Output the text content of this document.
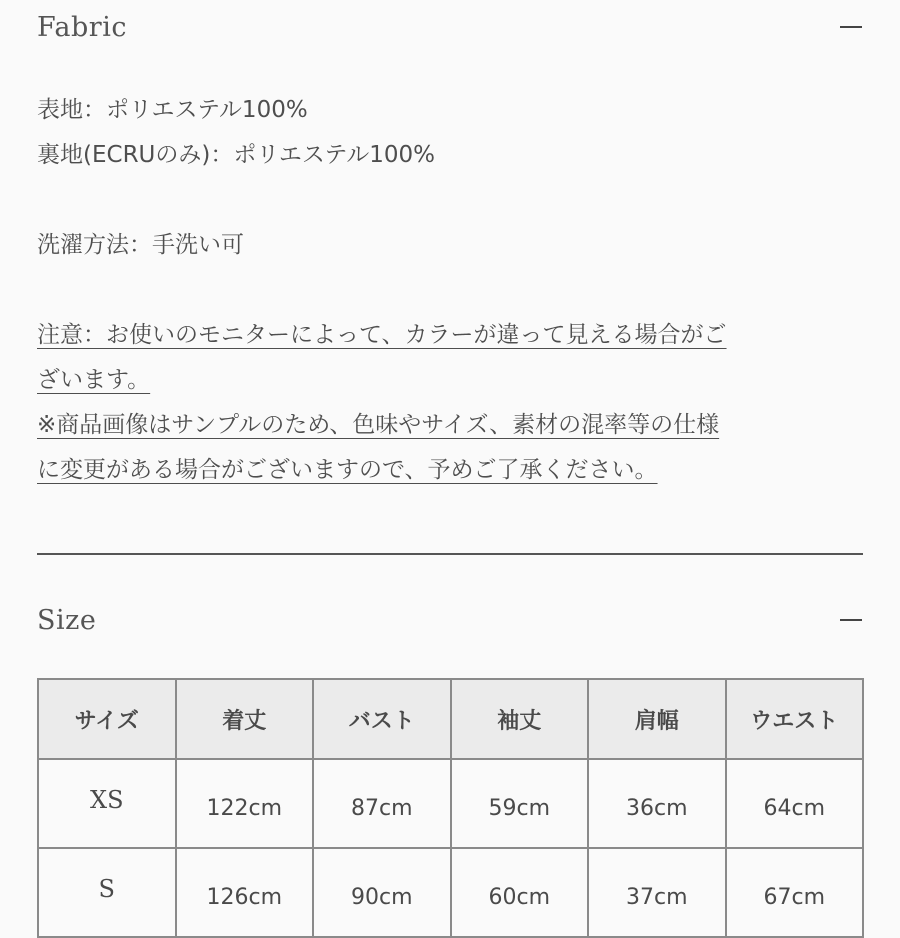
Fabric

表地：ポリエステル100%

裏地(ECRUのみ)：ポリエステル100%

洗濯方法：手洗い可

注意：お使いのモニターによって、カラーが違って見える場合がご

ざいます。

※商品画像はサンプルのため、色味やサイズ、素材の混率等の仕様

に変更がある場合がございますので、予めご了承ください。

Size
サイズ	着丈	バスト	袖丈	肩幅	ウエスト
XS	122cm	87cm	59cm	36cm	64cm
S	126cm	90cm	60cm	37cm	67cm
